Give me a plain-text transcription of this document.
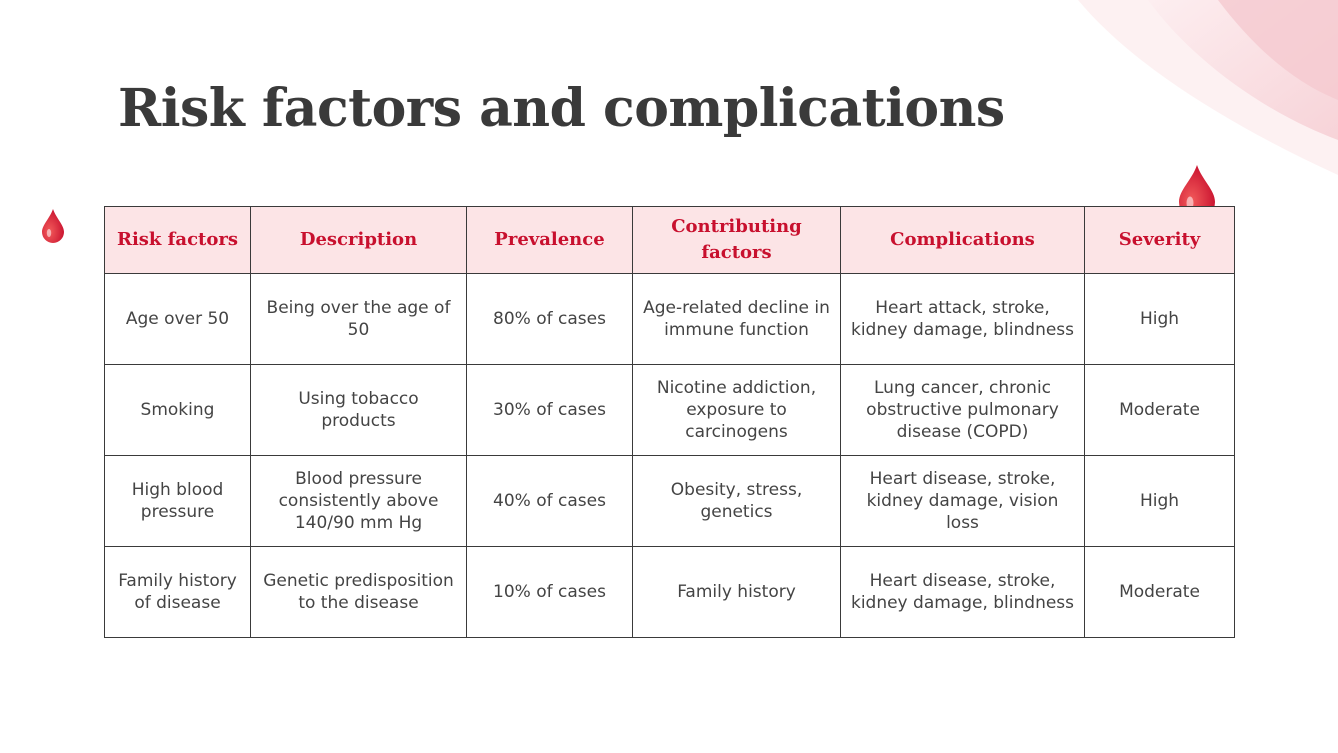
Risk factors and complications
Risk factors	Description	Prevalence	Contributing factors	Complications	Severity
Age over 50	Being over the age of 50	80% of cases	Age-related decline in immune function	Heart attack, stroke, kidney damage, blindness	High
Smoking	Using tobacco products	30% of cases	Nicotine addiction, exposure to carcinogens	Lung cancer, chronic obstructive pulmonary disease (COPD)	Moderate
High blood pressure	Blood pressure consistently above 140/90 mm Hg	40% of cases	Obesity, stress, genetics	Heart disease, stroke, kidney damage, vision loss	High
Family history of disease	Genetic predisposition to the disease	10% of cases	Family history	Heart disease, stroke, kidney damage, blindness	Moderate
